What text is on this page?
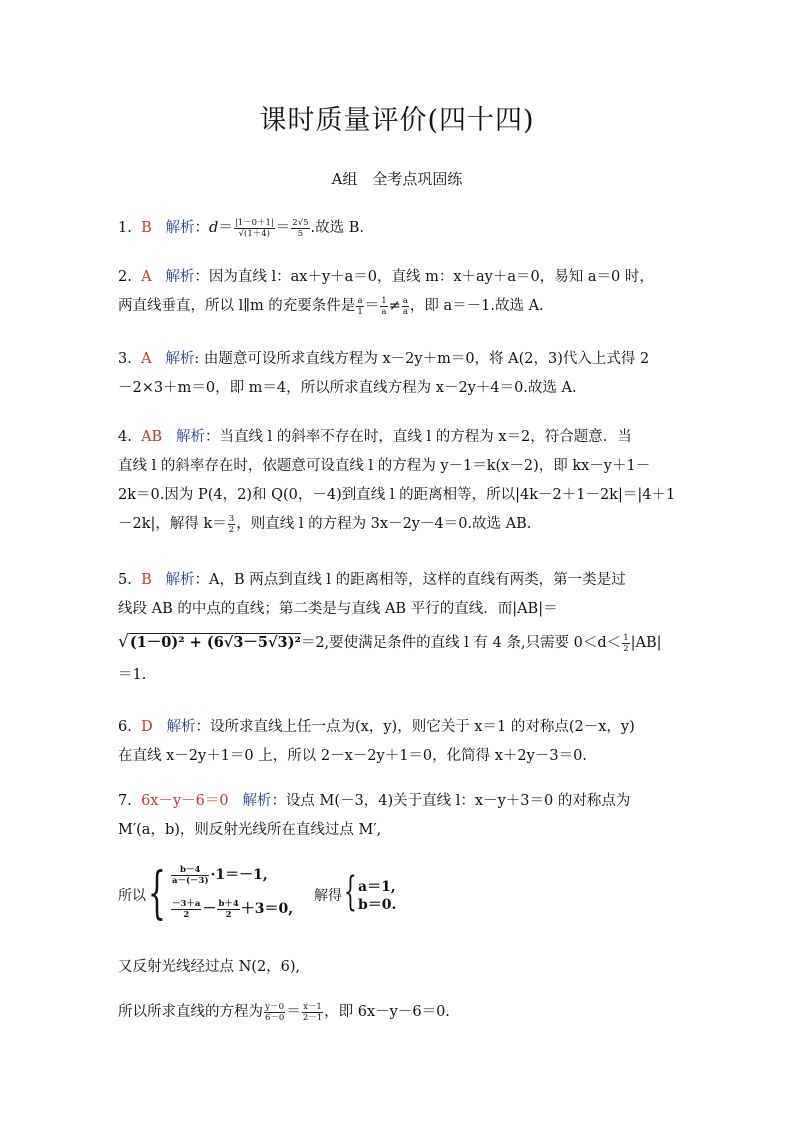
课时质量评价(四十四)
A组　全考点巩固练
1. B 解析：$d= \frac{|1-0+1|}{√(1+4)} = \frac{2√5}{5}$ .故选 B.
2. A 解析：因为直线 l：ax＋y＋a＝0，直线 m：x＋ay＋a＝0，易知 a＝0 时，
两直线垂直，所以 l∥m 的充要条件是 $\frac{a}{1} = \frac{1}{a} \ne \frac{a}{a}$ ，即 a＝－1.故选 A.
3. A 解析: 由题意可设所求直线方程为 x－2y＋m＝0，将 A(2，3)代入上式得 2
－2×3＋m＝0，即 m＝4，所以所求直线方程为 x－2y＋4＝0.故选 A.
4. AB 解析：当直线 l 的斜率不存在时，直线 l 的方程为 x＝2，符合题意．当
直线 l 的斜率存在时，依题意可设直线 l 的方程为 y－1＝k(x－2)，即 kx－y＋1－
2k＝0.因为 P(4，2)和 Q(0，－4)到直线 l 的距离相等，所以|4k－2＋1－2k|＝|4＋1
－2k|，解得 $k= \frac{3}{2}$ ，则直线 l 的方程为 3x－2y－4＝0.故选 AB.
5. B 解析：A，B 两点到直线 l 的距离相等，这样的直线有两类，第一类是过
线段 AB 的中点的直线；第二类是与直线 AB 平行的直线．而|AB|＝
√(1－0)² + (6√3－5√3)²＝2,要使满足条件的直线 l 有 4 条,只需要 $0<d< \frac{1}{2} |AB|$
＝1.
6. D 解析：设所求直线上任一点为(x，y)，则它关于 x＝1 的对称点(2－x，y)
在直线 x－2y＋1＝0 上，所以 2－x－2y＋1＝0，化简得 x＋2y－3＝0.
7. 6x－y－6＝0 解析：设点 M(－3，4)关于直线 l：x－y＋3＝0 的对称点为
M′(a，b)，则反射光线所在直线过点 M′,
所以 { $\frac{b-4}{a-(-3)} \cdot 1=-1$,
$\frac{-3+a}{2} - \frac{b+4}{2} +3=0$,
解得 { a＝1,
b＝0.
又反射光线经过点 N(2，6),
所以所求直线的方程为 $\frac{y-0}{6-0} = \frac{x-1}{2-1}$ ，即 6x－y－6＝0.
